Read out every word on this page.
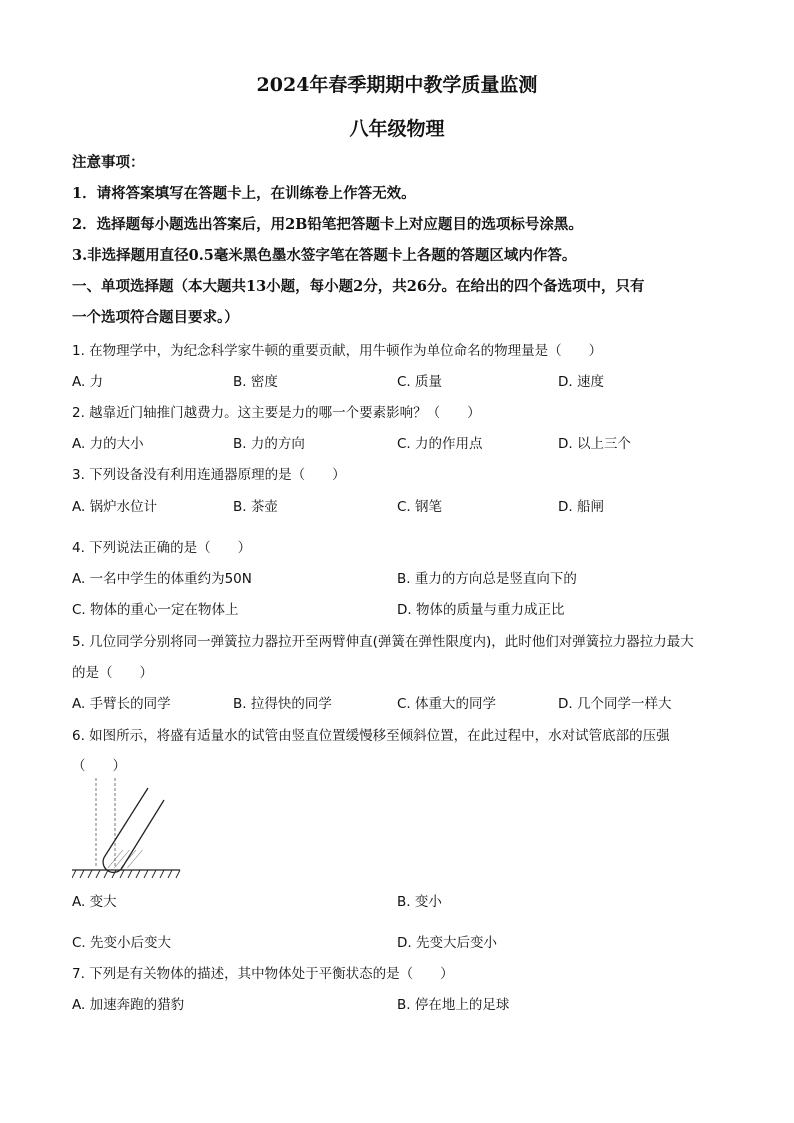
2024年春季期期中教学质量监测
八年级物理
注意事项：
1．请将答案填写在答题卡上，在训练卷上作答无效。
2．选择题每小题选出答案后，用2B铅笔把答题卡上对应题目的选项标号涂黑。
3.非选择题用直径0.5毫米黑色墨水签字笔在答题卡上各题的答题区域内作答。
一、单项选择题（本大题共13小题，每小题2分，共26分。在给出的四个备选项中，只有
一个选项符合题目要求。）
1. 在物理学中，为纪念科学家牛顿的重要贡献，用牛顿作为单位命名的物理量是（　　）
A. 力	B. 密度	C. 质量	D. 速度
2. 越靠近门轴推门越费力。这主要是力的哪一个要素影响？（　　）
A. 力的大小	B. 力的方向	C. 力的作用点	D. 以上三个
3. 下列设备没有利用连通器原理的是（　　）
A. 锅炉水位计	B. 茶壶	C. 钢笔	D. 船闸
4. 下列说法正确的是（　　）
A. 一名中学生的体重约为50N	B. 重力的方向总是竖直向下的
C. 物体的重心一定在物体上	D. 物体的质量与重力成正比
5. 几位同学分别将同一弹簧拉力器拉开至两臂伸直(弹簧在弹性限度内)，此时他们对弹簧拉力器拉力最大
的是（　　）
A. 手臂长的同学	B. 拉得快的同学	C. 体重大的同学	D. 几个同学一样大
6. 如图所示，将盛有适量水的试管由竖直位置缓慢移至倾斜位置，在此过程中，水对试管底部的压强
（　　）
A. 变大	B. 变小
C. 先变小后变大	D. 先变大后变小
7. 下列是有关物体的描述，其中物体处于平衡状态的是（　　）
A. 加速奔跑的猎豹	B. 停在地上的足球
